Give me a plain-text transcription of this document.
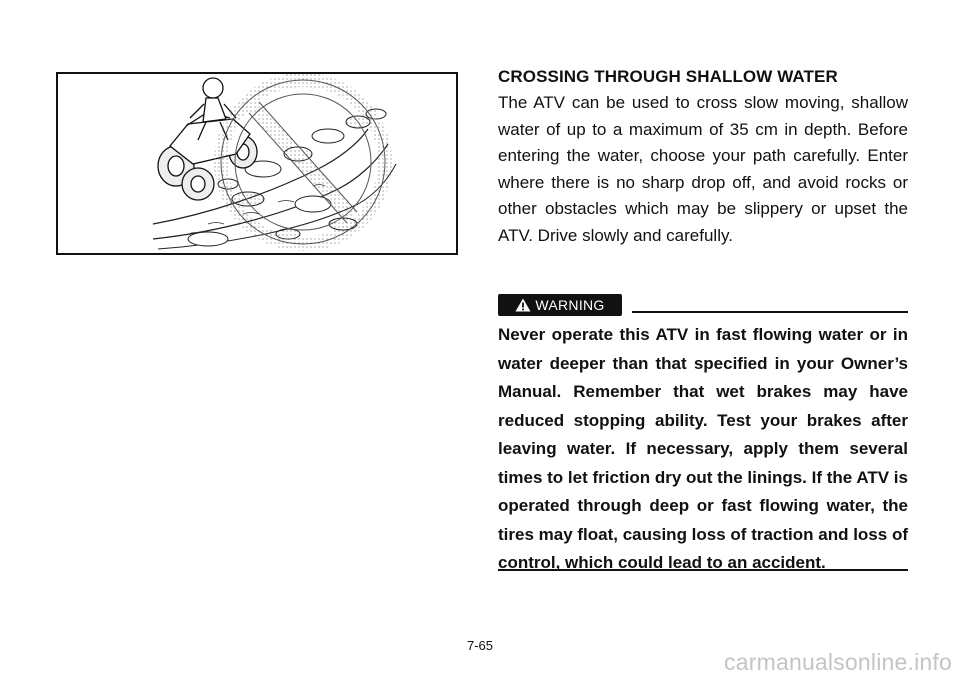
CROSSING THROUGH SHALLOW WATER

The ATV can be used to cross slow moving, shallow water of up to a maximum of 35 cm in depth. Before entering the water, choose your path carefully. Enter where there is no sharp drop off, and avoid rocks or other obstacles which may be slippery or upset the ATV. Drive slowly and carefully.

WARNING

Never operate this ATV in fast flowing water or in water deeper than that specified in your Owner’s Manual. Remember that wet brakes may have reduced stopping ability. Test your brakes after leaving water. If necessary, apply them several times to let friction dry out the linings. If the ATV is operated through deep or fast flowing water, the tires may float, causing loss of traction and loss of control, which could lead to an accident.

7-65
carmanualsonline.info
